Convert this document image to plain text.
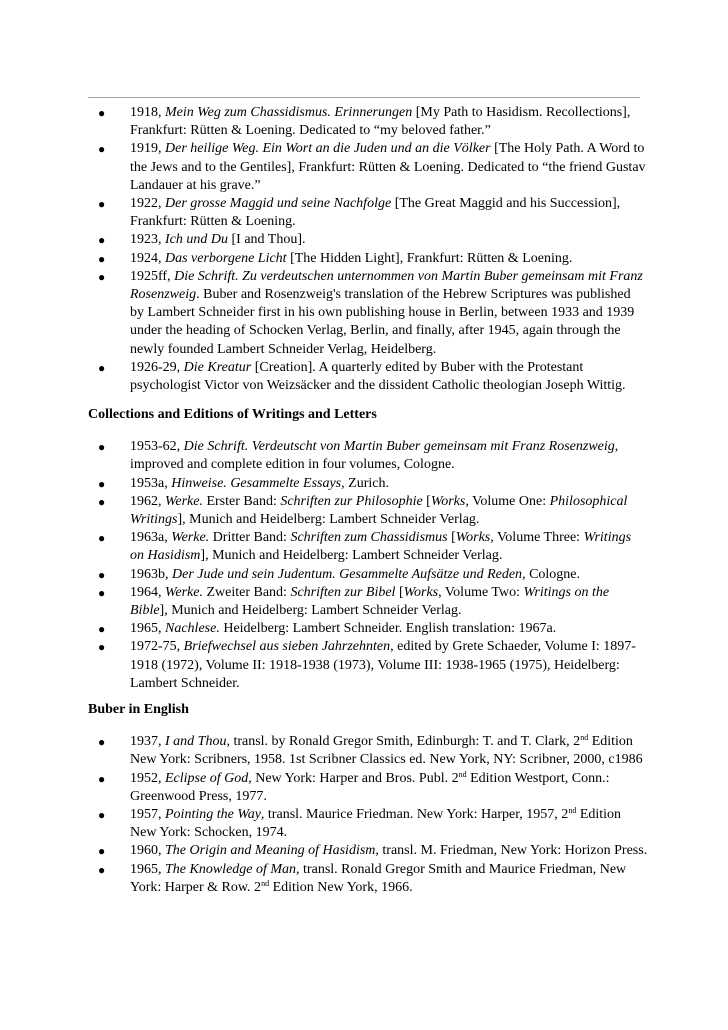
● 1918, Mein Weg zum Chassidismus. Erinnerungen [My Path to Hasidism. Recollections], Frankfurt: Rütten & Loening. Dedicated to “my beloved father.”
● 1919, Der heilige Weg. Ein Wort an die Juden und an die Völker [The Holy Path. A Word to the Jews and to the Gentiles], Frankfurt: Rütten & Loening. Dedicated to “the friend Gustav Landauer at his grave.”
● 1922, Der grosse Maggid und seine Nachfolge [The Great Maggid and his Succession], Frankfurt: Rütten & Loening.
● 1923, Ich und Du [I and Thou].
● 1924, Das verborgene Licht [The Hidden Light], Frankfurt: Rütten & Loening.
● 1925ff, Die Schrift. Zu verdeutschen unternommen von Martin Buber gemeinsam mit Franz Rosenzweig. Buber and Rosenzweig's translation of the Hebrew Scriptures was published by Lambert Schneider first in his own publishing house in Berlin, between 1933 and 1939 under the heading of Schocken Verlag, Berlin, and finally, after 1945, again through the newly founded Lambert Schneider Verlag, Heidelberg.
● 1926-29, Die Kreatur [Creation]. A quarterly edited by Buber with the Protestant psychologist Victor von Weizsäcker and the dissident Catholic theologian Joseph Wittig.
Collections and Editions of Writings and Letters
● 1953-62, Die Schrift. Verdeutscht von Martin Buber gemeinsam mit Franz Rosenzweig, improved and complete edition in four volumes, Cologne.
● 1953a, Hinweise. Gesammelte Essays, Zurich.
● 1962, Werke. Erster Band: Schriften zur Philosophie [Works, Volume One: Philosophical Writings], Munich and Heidelberg: Lambert Schneider Verlag.
● 1963a, Werke. Dritter Band: Schriften zum Chassidismus [Works, Volume Three: Writings on Hasidism], Munich and Heidelberg: Lambert Schneider Verlag.
● 1963b, Der Jude und sein Judentum. Gesammelte Aufsätze und Reden, Cologne.
● 1964, Werke. Zweiter Band: Schriften zur Bibel [Works, Volume Two: Writings on the Bible], Munich and Heidelberg: Lambert Schneider Verlag.
● 1965, Nachlese. Heidelberg: Lambert Schneider. English translation: 1967a.
● 1972-75, Briefwechsel aus sieben Jahrzehnten, edited by Grete Schaeder, Volume I: 1897-1918 (1972), Volume II: 1918-1938 (1973), Volume III: 1938-1965 (1975), Heidelberg: Lambert Schneider.
Buber in English
● 1937, I and Thou, transl. by Ronald Gregor Smith, Edinburgh: T. and T. Clark, 2nd Edition New York: Scribners, 1958. 1st Scribner Classics ed. New York, NY: Scribner, 2000, c1986
● 1952, Eclipse of God, New York: Harper and Bros. Publ. 2nd Edition Westport, Conn.: Greenwood Press, 1977.
● 1957, Pointing the Way, transl. Maurice Friedman. New York: Harper, 1957, 2nd Edition New York: Schocken, 1974.
● 1960, The Origin and Meaning of Hasidism, transl. M. Friedman, New York: Horizon Press.
● 1965, The Knowledge of Man, transl. Ronald Gregor Smith and Maurice Friedman, New York: Harper & Row. 2nd Edition New York, 1966.
